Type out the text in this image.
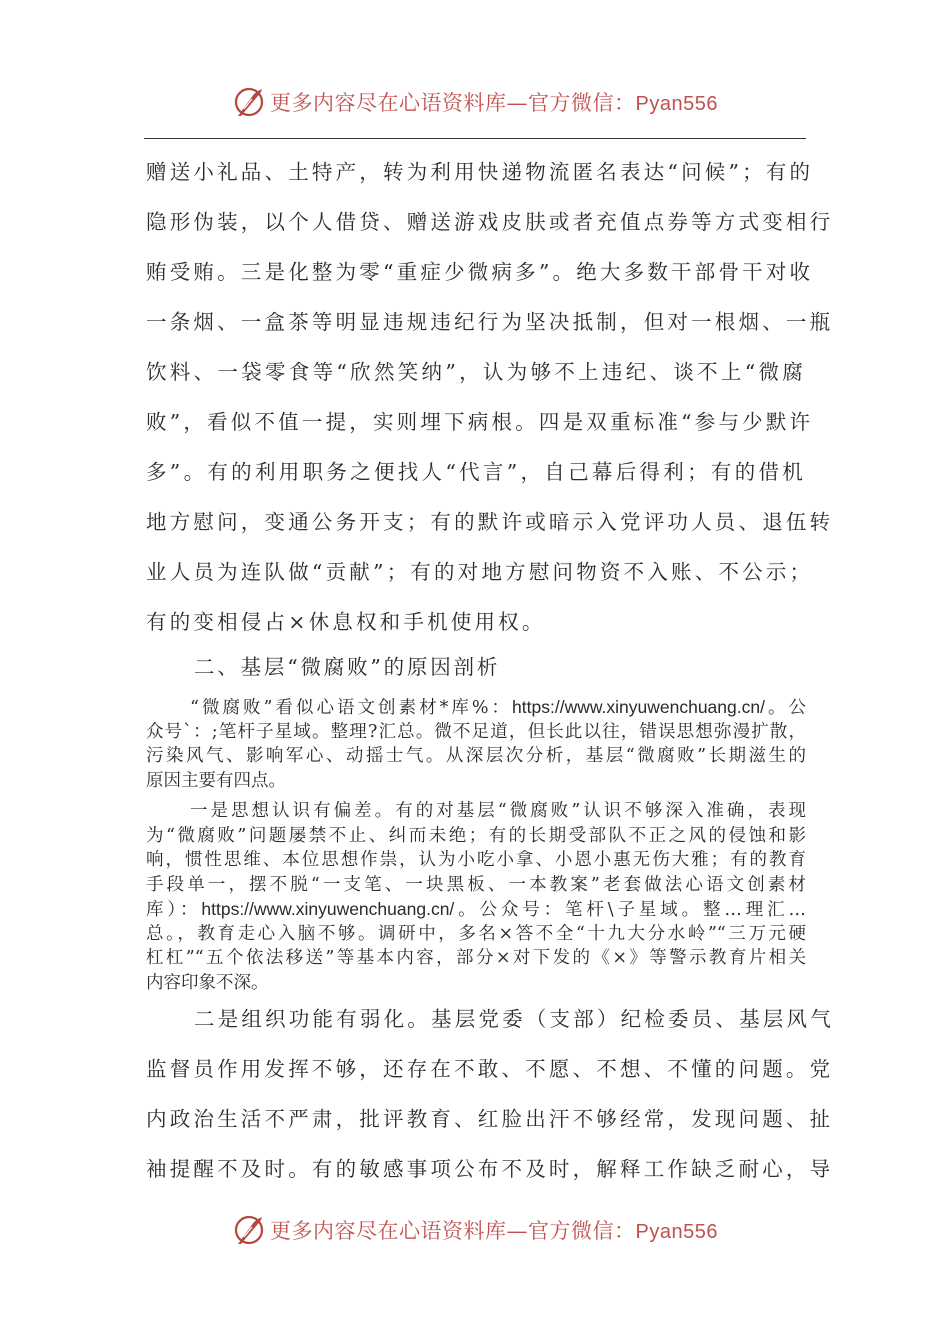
更多内容尽在心语资料库—官方微信：Pyan556
赠送小礼品、土特产，转为利用快递物流匿名表达“问候”；有的
隐形伪装，以个人借贷、赠送游戏皮肤或者充值点券等方式变相行
贿受贿。三是化整为零“重症少微病多”。绝大多数干部骨干对收
一条烟、一盒茶等明显违规违纪行为坚决抵制，但对一根烟、一瓶
饮料、一袋零食等“欣然笑纳”，认为够不上违纪、谈不上“微腐
败”，看似不值一提，实则埋下病根。四是双重标准“参与少默许
多”。有的利用职务之便找人“代言”，自己幕后得利；有的借机
地方慰问，变通公务开支；有的默许或暗示入党评功人员、退伍转
业人员为连队做“贡献”；有的对地方慰问物资不入账、不公示；
有的变相侵占×休息权和手机使用权。
二、基层“微腐败”的原因剖析
“微腐败”看似心语文创素材*库%：https://www.xinyuwenchuang.cn/。公
众号`：;笔杆子星域。整理?汇总。微不足道，但长此以往，错误思想弥漫扩散，
污染风气、影响军心、动摇士气。从深层次分析，基层“微腐败”长期滋生的
原因主要有四点。
一是思想认识有偏差。有的对基层“微腐败”认识不够深入准确，表现
为“微腐败”问题屡禁不止、纠而未绝；有的长期受部队不正之风的侵蚀和影
响，惯性思维、本位思想作祟，认为小吃小拿、小恩小惠无伤大雅；有的教育
手段单一，摆不脱“一支笔、一块黑板、一本教案”老套做法心语文创素材
库）：https://www.xinyuwenchuang.cn/。公众号：笔杆\子星域。整…理汇…
总。，教育走心入脑不够。调研中，多名×答不全“十九大分水岭”“三万元硬
杠杠”“五个依法移送”等基本内容，部分×对下发的《×》等警示教育片相关
内容印象不深。
二是组织功能有弱化。基层党委（支部）纪检委员、基层风气
监督员作用发挥不够，还存在不敢、不愿、不想、不懂的问题。党
内政治生活不严肃，批评教育、红脸出汗不够经常，发现问题、扯
袖提醒不及时。有的敏感事项公布不及时，解释工作缺乏耐心，导
更多内容尽在心语资料库—官方微信：Pyan556
